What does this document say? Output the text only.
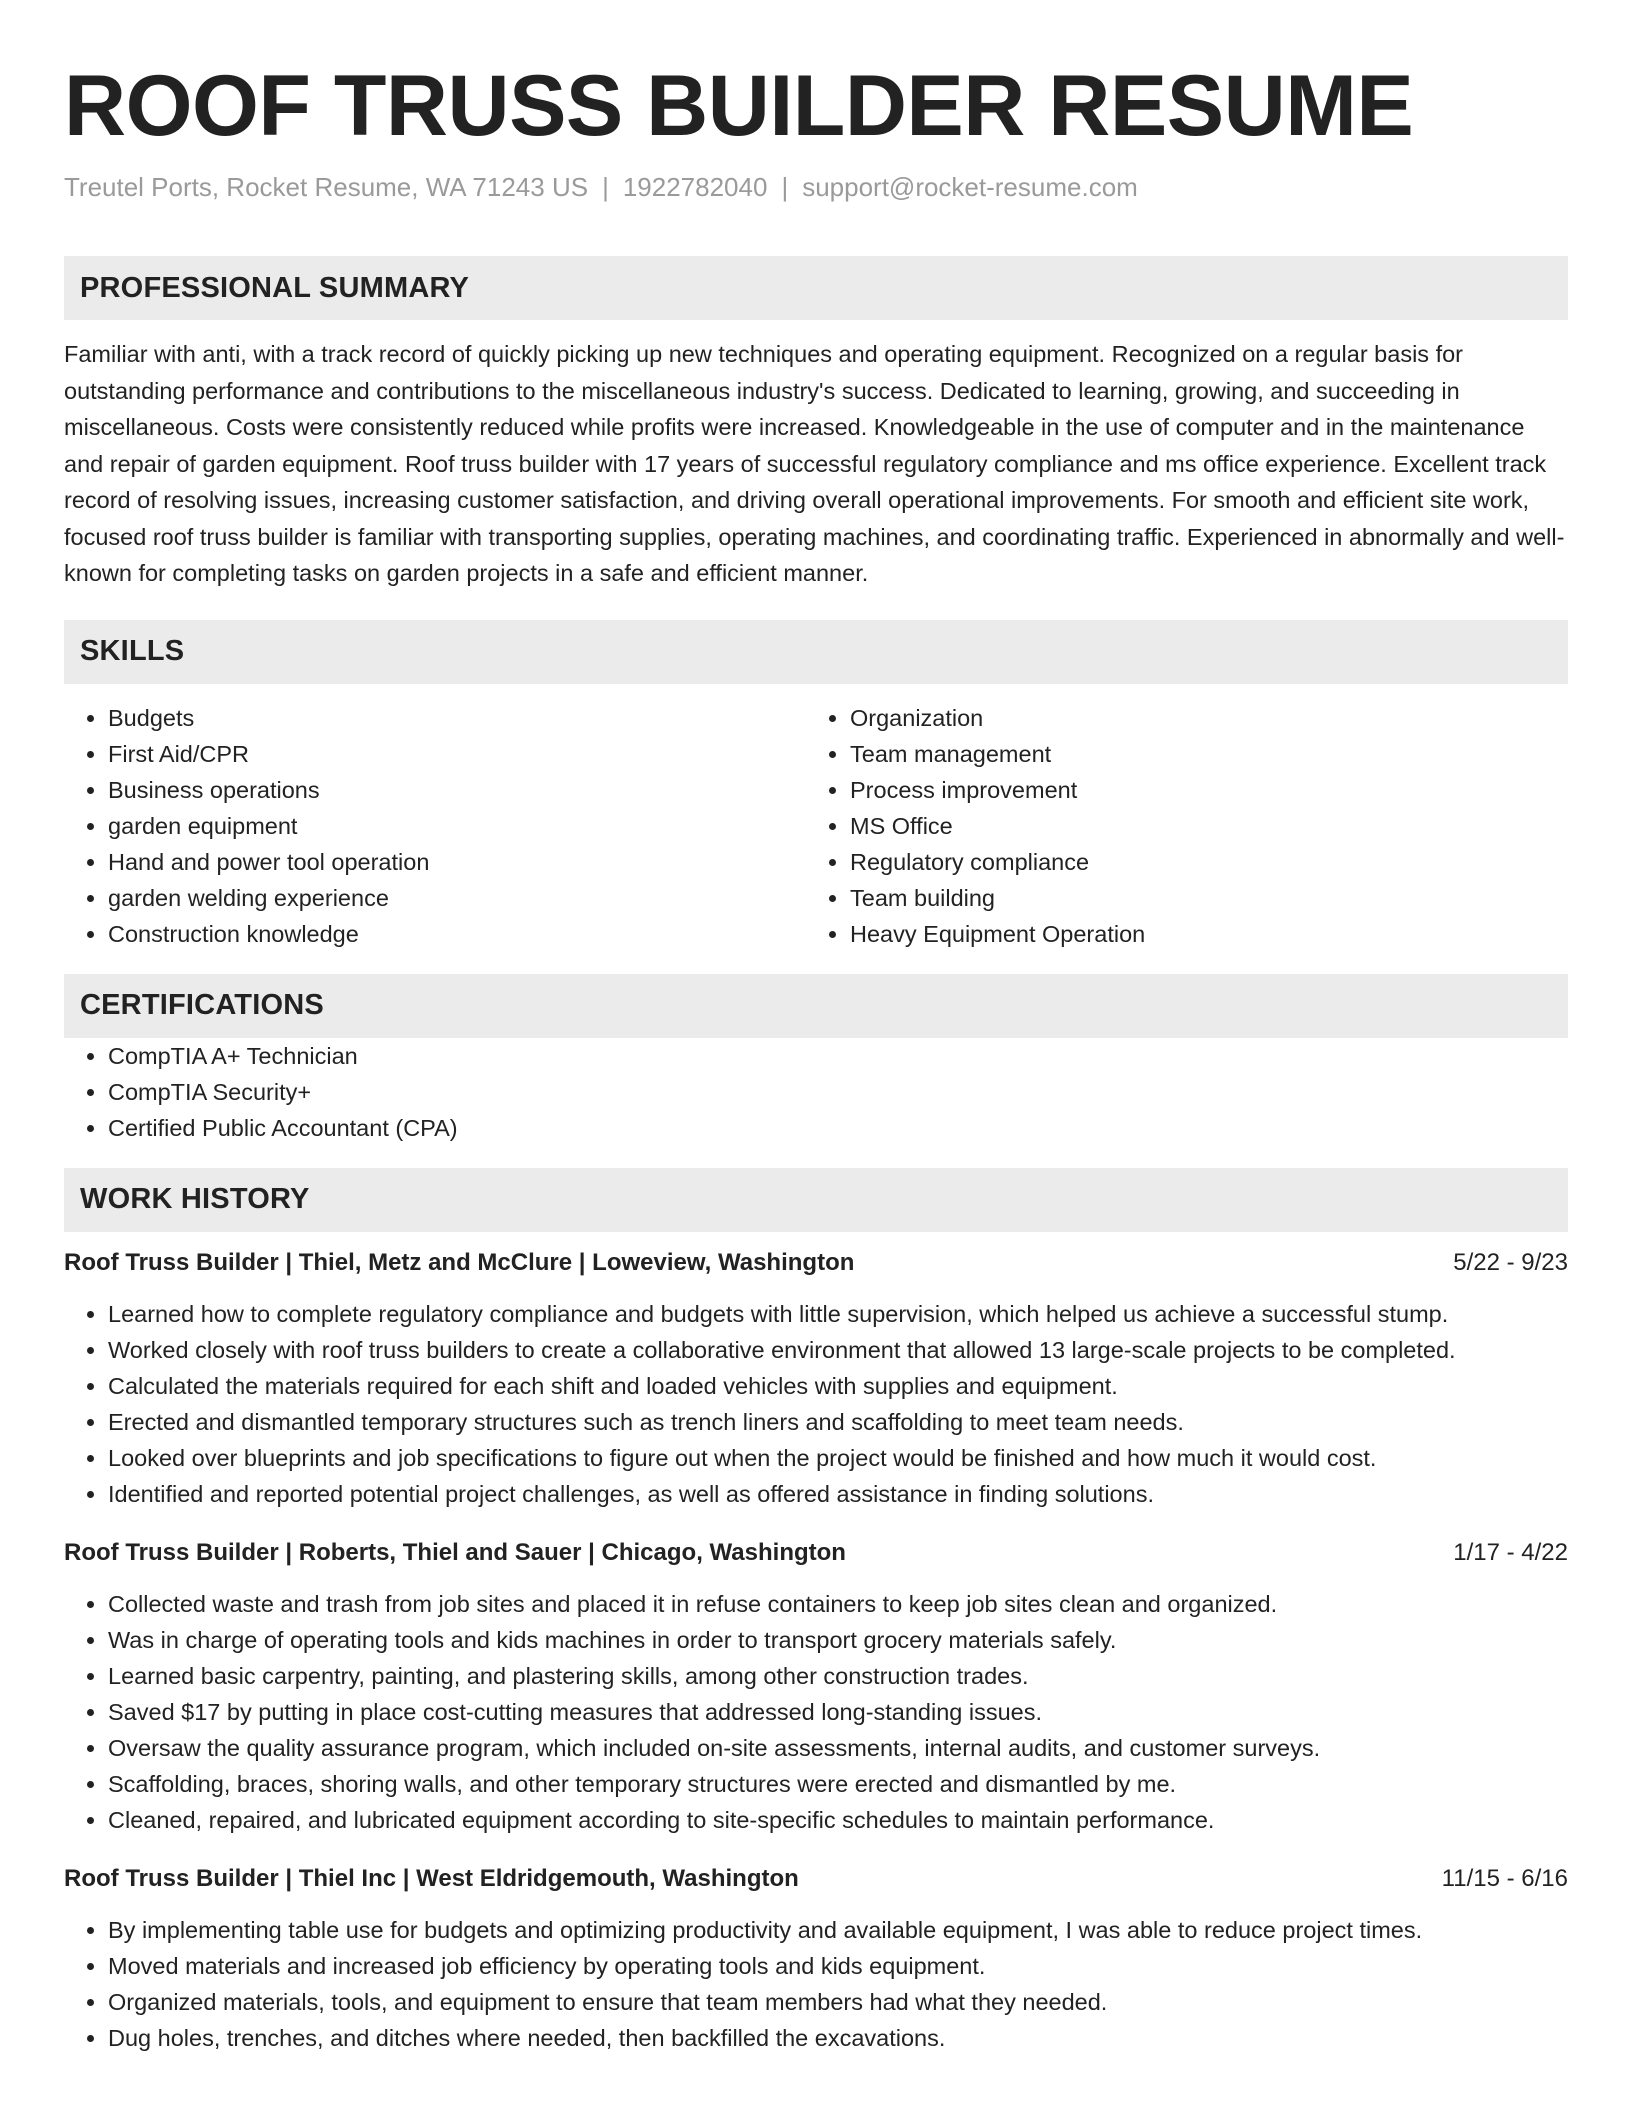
ROOF TRUSS BUILDER RESUME
Treutel Ports, Rocket Resume, WA 71243 US | 1922782040 | support@rocket-resume.com
PROFESSIONAL SUMMARY
Familiar with anti, with a track record of quickly picking up new techniques and operating equipment. Recognized on a regular basis for outstanding performance and contributions to the miscellaneous industry's success. Dedicated to learning, growing, and succeeding in miscellaneous. Costs were consistently reduced while profits were increased. Knowledgeable in the use of computer and in the maintenance and repair of garden equipment. Roof truss builder with 17 years of successful regulatory compliance and ms office experience. Excellent track record of resolving issues, increasing customer satisfaction, and driving overall operational improvements. For smooth and efficient site work, focused roof truss builder is familiar with transporting supplies, operating machines, and coordinating traffic. Experienced in abnormally and well-known for completing tasks on garden projects in a safe and efficient manner.
SKILLS
• Budgets
• First Aid/CPR
• Business operations
• garden equipment
• Hand and power tool operation
• garden welding experience
• Construction knowledge
• Organization
• Team management
• Process improvement
• MS Office
• Regulatory compliance
• Team building
• Heavy Equipment Operation
CERTIFICATIONS
• CompTIA A+ Technician
• CompTIA Security+
• Certified Public Accountant (CPA)
WORK HISTORY
Roof Truss Builder | Thiel, Metz and McClure | Loweview, Washington	5/22 - 9/23
• Learned how to complete regulatory compliance and budgets with little supervision, which helped us achieve a successful stump.
• Worked closely with roof truss builders to create a collaborative environment that allowed 13 large-scale projects to be completed.
• Calculated the materials required for each shift and loaded vehicles with supplies and equipment.
• Erected and dismantled temporary structures such as trench liners and scaffolding to meet team needs.
• Looked over blueprints and job specifications to figure out when the project would be finished and how much it would cost.
• Identified and reported potential project challenges, as well as offered assistance in finding solutions.
Roof Truss Builder | Roberts, Thiel and Sauer | Chicago, Washington	1/17 - 4/22
• Collected waste and trash from job sites and placed it in refuse containers to keep job sites clean and organized.
• Was in charge of operating tools and kids machines in order to transport grocery materials safely.
• Learned basic carpentry, painting, and plastering skills, among other construction trades.
• Saved $17 by putting in place cost-cutting measures that addressed long-standing issues.
• Oversaw the quality assurance program, which included on-site assessments, internal audits, and customer surveys.
• Scaffolding, braces, shoring walls, and other temporary structures were erected and dismantled by me.
• Cleaned, repaired, and lubricated equipment according to site-specific schedules to maintain performance.
Roof Truss Builder | Thiel Inc | West Eldridgemouth, Washington	11/15 - 6/16
• By implementing table use for budgets and optimizing productivity and available equipment, I was able to reduce project times.
• Moved materials and increased job efficiency by operating tools and kids equipment.
• Organized materials, tools, and equipment to ensure that team members had what they needed.
• Dug holes, trenches, and ditches where needed, then backfilled the excavations.
